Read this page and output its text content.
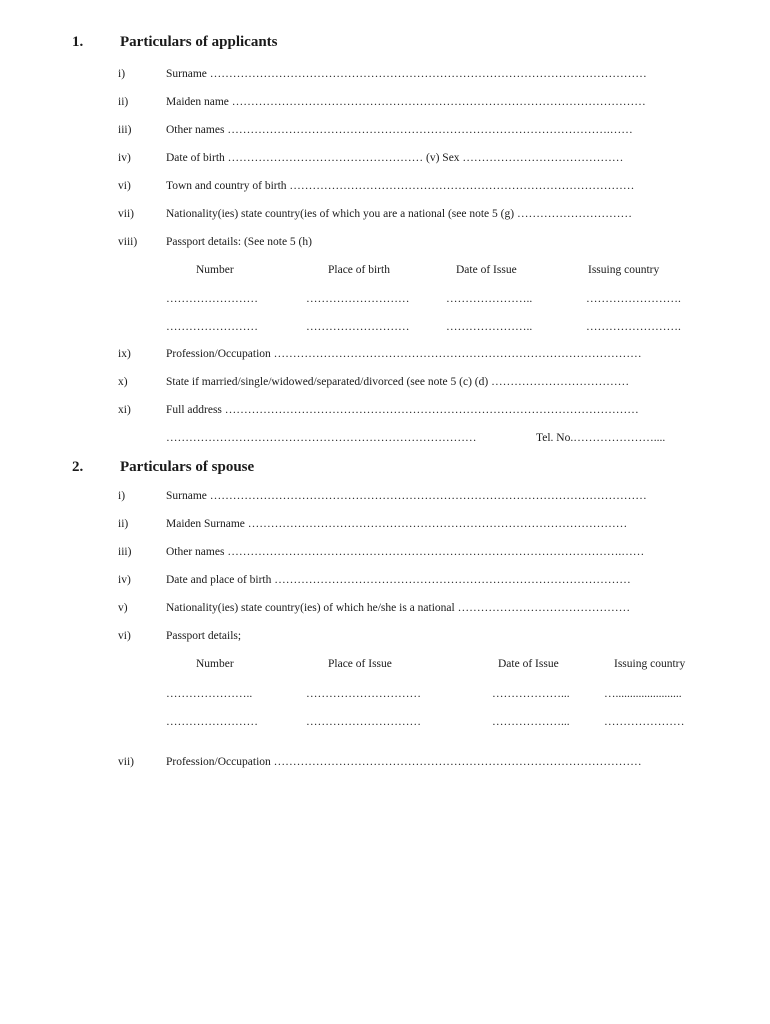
1. Particulars of applicants
i)	Surname ……………………………………………………………………………………………………
ii)	Maiden name ………………………………………………………………………………………………
iii)	Other names ……………………………………………………………………………………….……
iv)	Date of birth …………………………………………… (v) Sex ……………………………………
vi)	Town and country of birth ………………………………………………………………………………
vii)	Nationality(ies) state country(ies of which you are a national (see note 5 (g) …………………………
viii)	Passport details: (See note 5 (h)
Number	Place of birth	Date of Issue	Issuing country
……………………	………………………	…………………..	…………………….
……………………	………………………	…………………..	…………………….
ix)	Profession/Occupation ……………………………………………………………………………………
x)	State if married/single/widowed/separated/divorced (see note 5 (c) (d) ………………………………
xi)	Full address ………………………………………………………………………………………………
………………………………………………………………………	Tel. No.…………………....
2. Particulars of spouse
i)	Surname ……………………………………………………………………………………………………
ii)	Maiden Surname ………………………………………………………………………………………
iii)	Other names ………………………………………………………………………………………….……
iv)	Date and place of birth …………………………………………………………………………………
v)	Nationality(ies) state country(ies) of which he/she is a national ………………………………………
vi)	Passport details;
Number	Place of Issue	Date of Issue	Issuing country
…………………..	…………………………	………………...	….......................
……………………	…………………………	………………...	…………………
vii)	Profession/Occupation ……………………………………………………………………………………
